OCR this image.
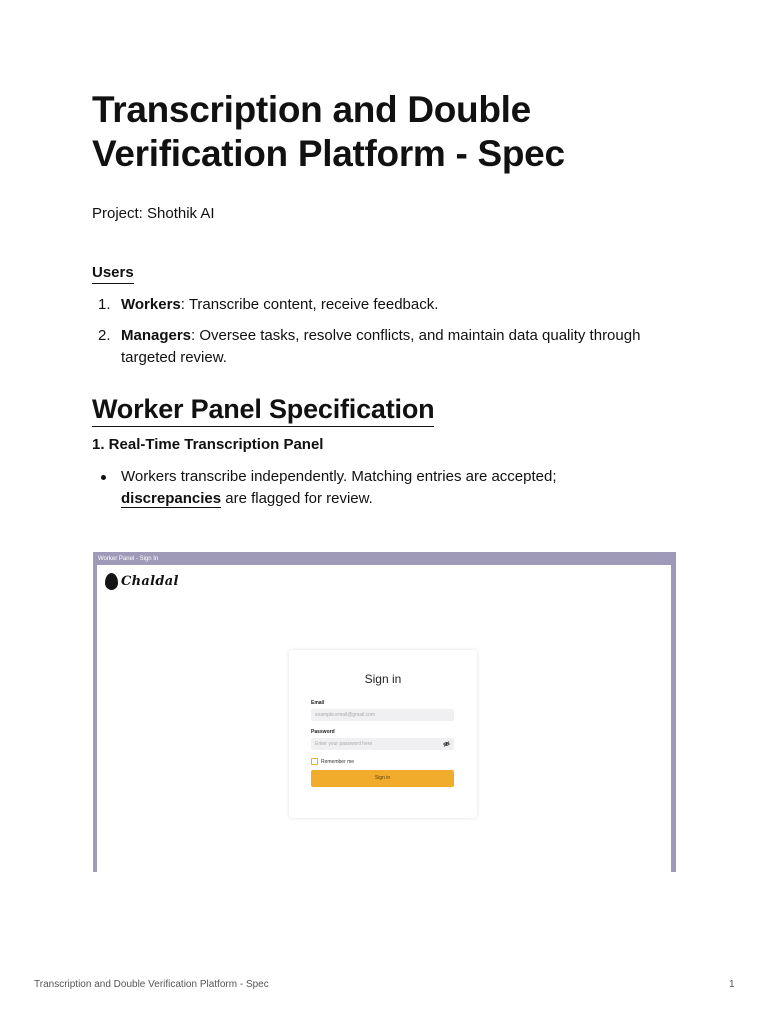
Transcription and Double Verification Platform - Spec
Project: Shothik AI
Users
1. Workers: Transcribe content, receive feedback.
2. Managers: Oversee tasks, resolve conflicts, and maintain data quality through targeted review.
Worker Panel Specification
1. Real-Time Transcription Panel
Workers transcribe independently. Matching entries are accepted; discrepancies are flagged for review.
Worker Panel - Sign In
Chaldal
Sign in
Email
example.email@gmail.com
Password
Enter your password here
Remember me
Sign in
Transcription and Double Verification Platform - Spec	1
